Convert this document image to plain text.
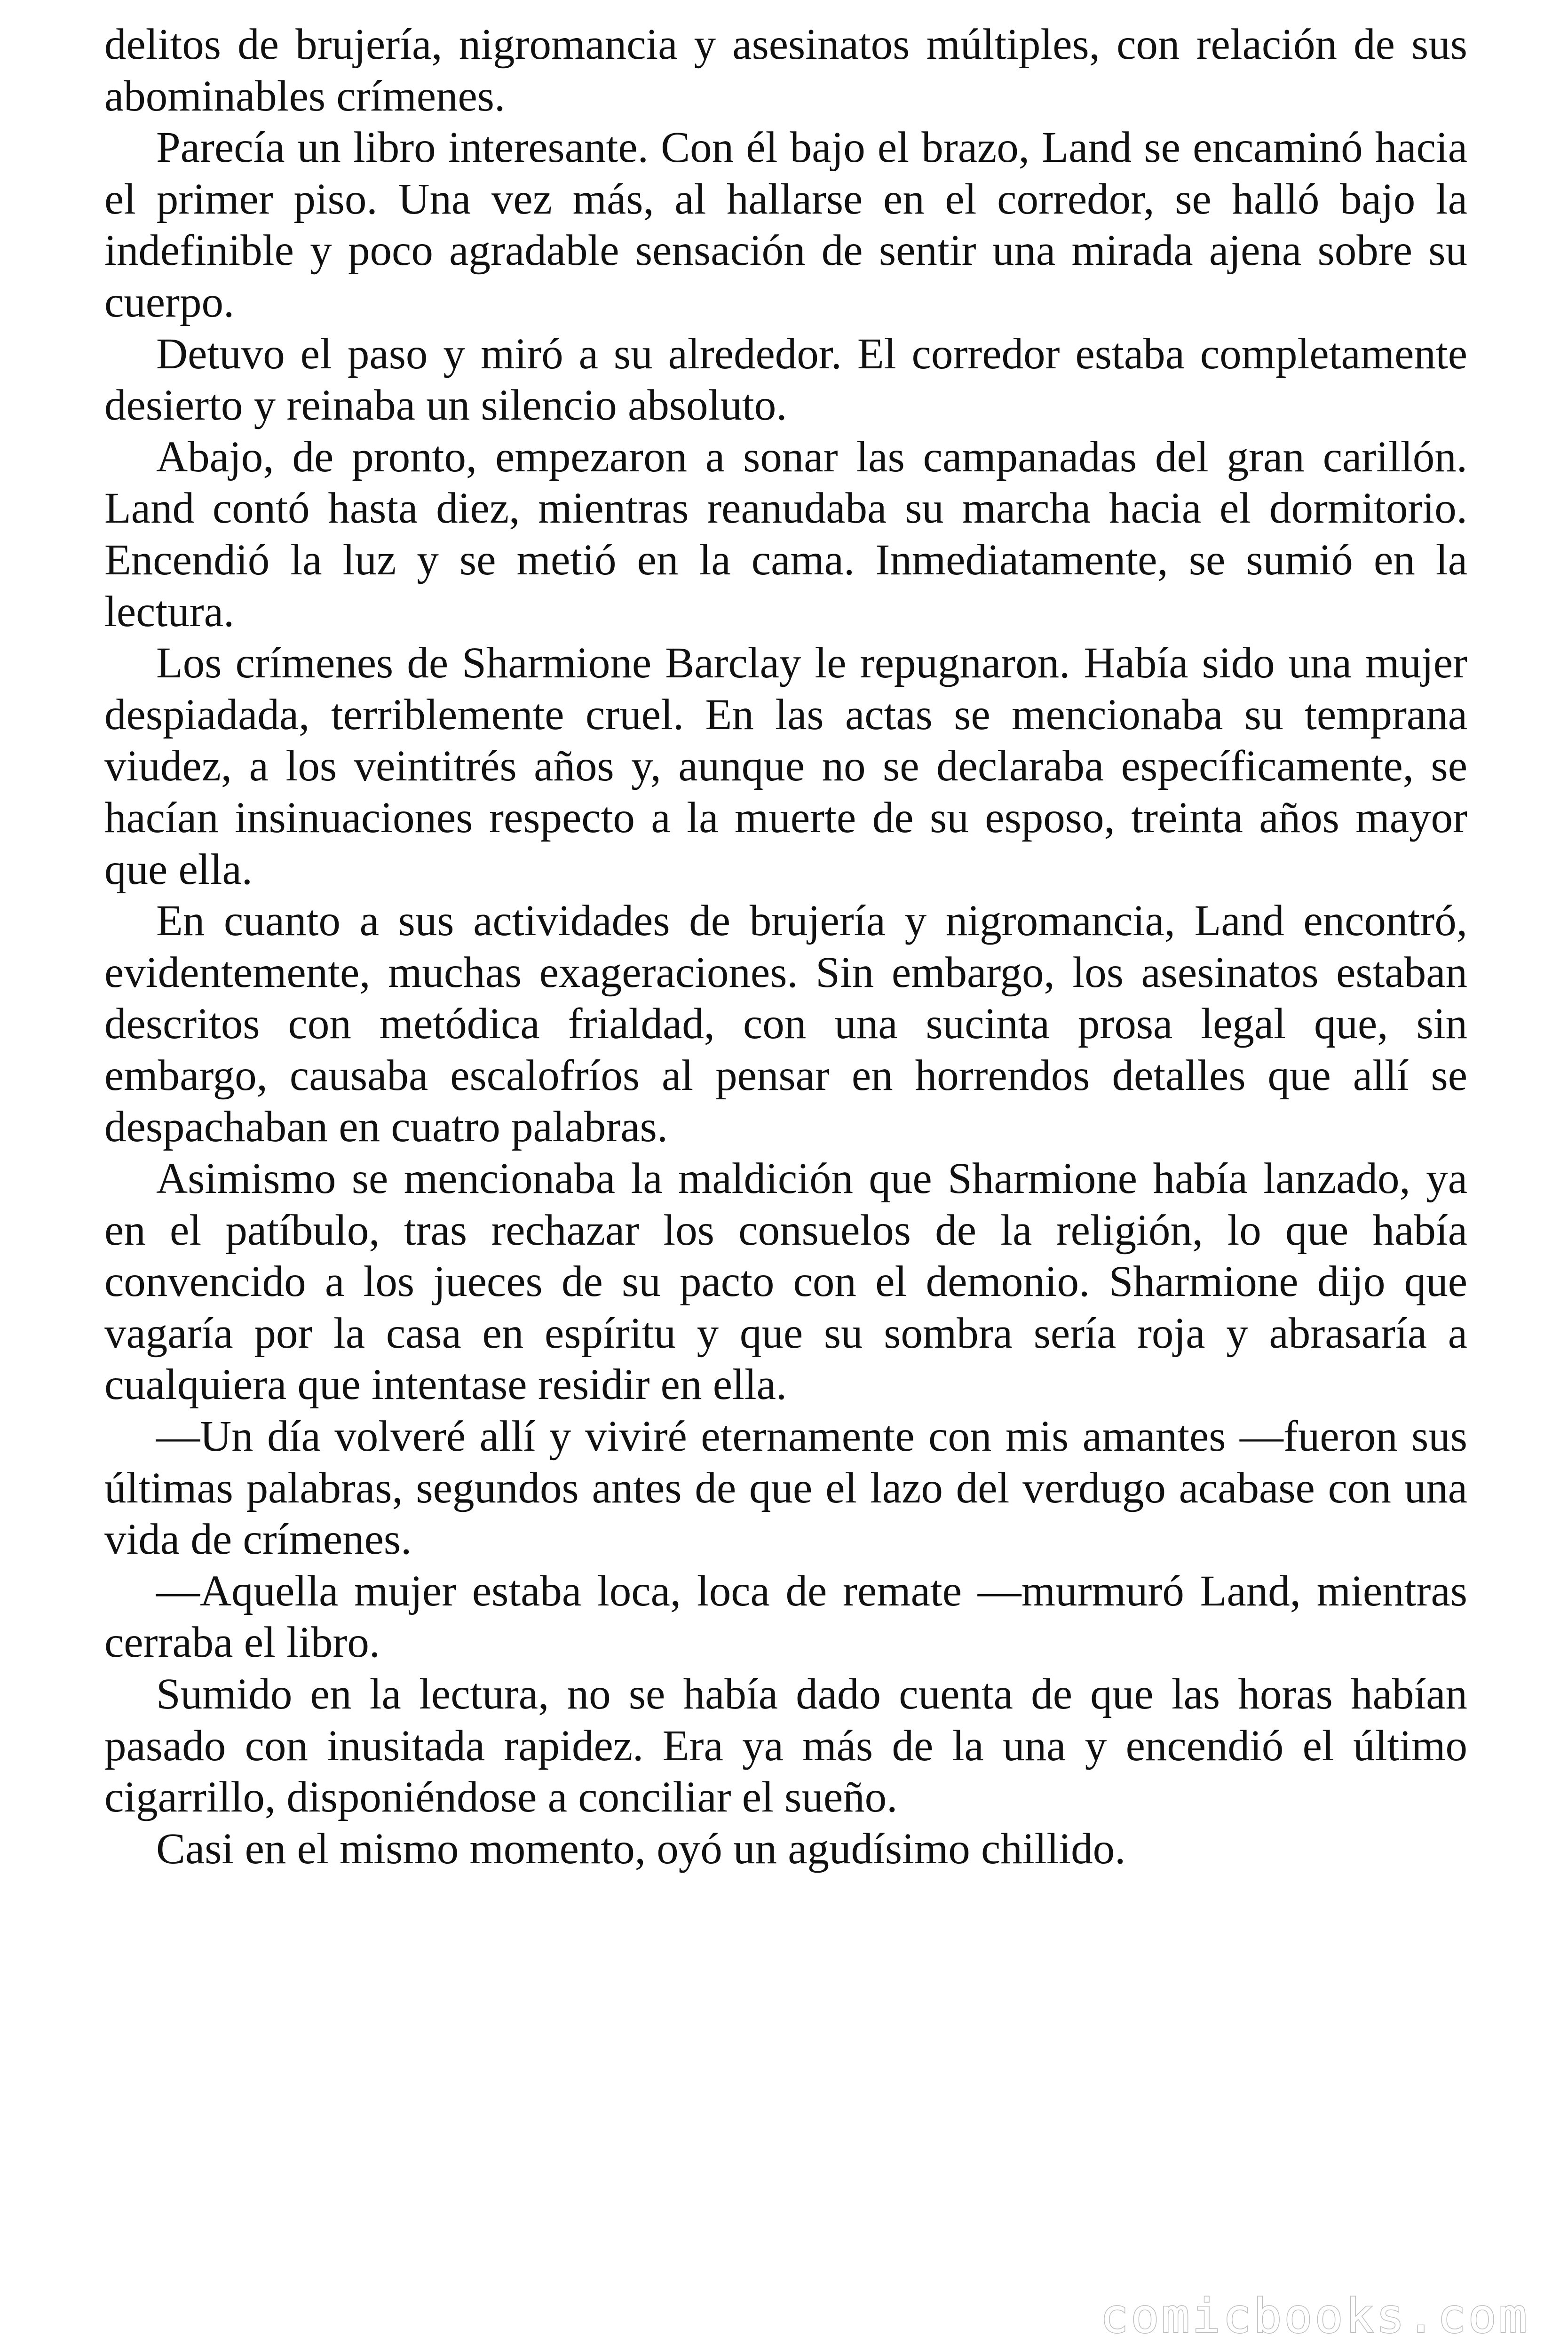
delitos de brujería, nigromancia y asesinatos múltiples, con relación de sus abominables crímenes.

Parecía un libro interesante. Con él bajo el brazo, Land se encaminó hacia el primer piso. Una vez más, al hallarse en el corredor, se halló bajo la indefinible y poco agradable sensación de sentir una mirada ajena sobre su cuerpo.

Detuvo el paso y miró a su alrededor. El corredor estaba completamente desierto y reinaba un silencio absoluto.

Abajo, de pronto, empezaron a sonar las campanadas del gran carillón. Land contó hasta diez, mientras reanudaba su marcha hacia el dormitorio. Encendió la luz y se metió en la cama. Inmediatamente, se sumió en la lectura.

Los crímenes de Sharmione Barclay le repugnaron. Había sido una mujer despiadada, terriblemente cruel. En las actas se mencionaba su temprana viudez, a los veintitrés años y, aunque no se declaraba específicamente, se hacían insinuaciones respecto a la muerte de su esposo, treinta años mayor que ella.

En cuanto a sus actividades de brujería y nigromancia, Land encontró, evidentemente, muchas exageraciones. Sin embargo, los asesinatos estaban descritos con metódica frialdad, con una sucinta prosa legal que, sin embargo, causaba escalofríos al pensar en horrendos detalles que allí se despachaban en cuatro palabras.

Asimismo se mencionaba la maldición que Sharmione había lanzado, ya en el patíbulo, tras rechazar los consuelos de la religión, lo que había convencido a los jueces de su pacto con el demonio. Sharmione dijo que vagaría por la casa en espíritu y que su sombra sería roja y abrasaría a cualquiera que intentase residir en ella.

—Un día volveré allí y viviré eternamente con mis amantes —fueron sus últimas palabras, segundos antes de que el lazo del verdugo acabase con una vida de crímenes.

—Aquella mujer estaba loca, loca de remate —murmuró Land, mientras cerraba el libro.

Sumido en la lectura, no se había dado cuenta de que las horas habían pasado con inusitada rapidez. Era ya más de la una y encendió el último cigarrillo, disponiéndose a conciliar el sueño.

Casi en el mismo momento, oyó un agudísimo chillido.

comicbooks.com
